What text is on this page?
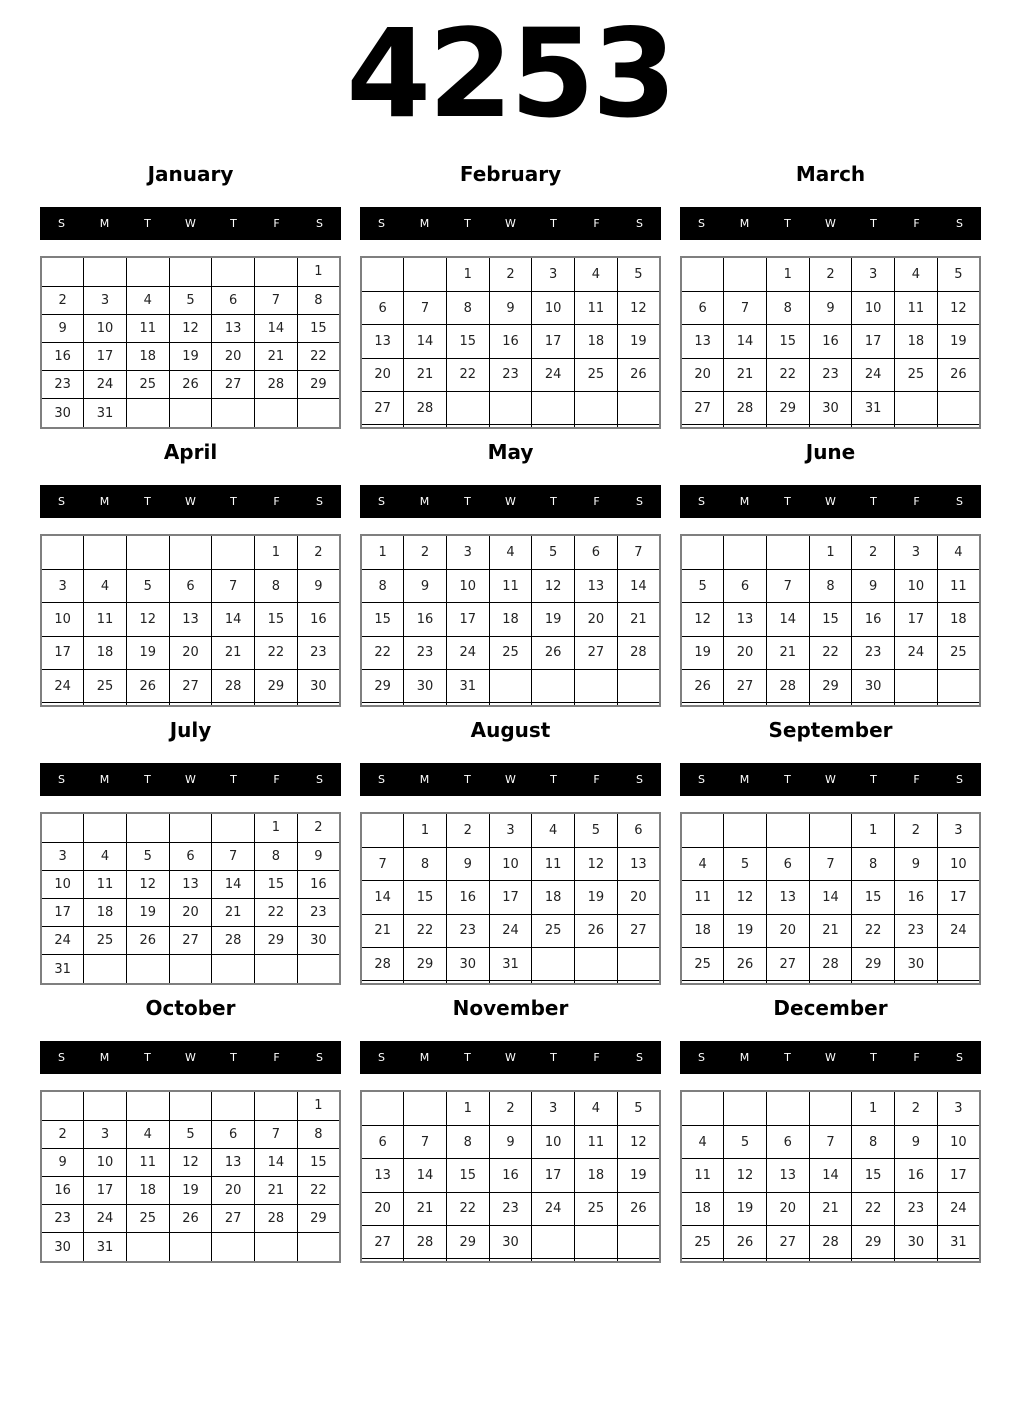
4253
January
S	M	T	W	T	F	S
						1
2	3	4	5	6	7	8
9	10	11	12	13	14	15
16	17	18	19	20	21	22
23	24	25	26	27	28	29
30	31					
February
S	M	T	W	T	F	S
		1	2	3	4	5
6	7	8	9	10	11	12
13	14	15	16	17	18	19
20	21	22	23	24	25	26
27	28					

March
S	M	T	W	T	F	S
		1	2	3	4	5
6	7	8	9	10	11	12
13	14	15	16	17	18	19
20	21	22	23	24	25	26
27	28	29	30	31		

April
S	M	T	W	T	F	S
					1	2
3	4	5	6	7	8	9
10	11	12	13	14	15	16
17	18	19	20	21	22	23
24	25	26	27	28	29	30

May
S	M	T	W	T	F	S
1	2	3	4	5	6	7
8	9	10	11	12	13	14
15	16	17	18	19	20	21
22	23	24	25	26	27	28
29	30	31				

June
S	M	T	W	T	F	S
			1	2	3	4
5	6	7	8	9	10	11
12	13	14	15	16	17	18
19	20	21	22	23	24	25
26	27	28	29	30		

July
S	M	T	W	T	F	S
					1	2
3	4	5	6	7	8	9
10	11	12	13	14	15	16
17	18	19	20	21	22	23
24	25	26	27	28	29	30
31						
August
S	M	T	W	T	F	S
	1	2	3	4	5	6
7	8	9	10	11	12	13
14	15	16	17	18	19	20
21	22	23	24	25	26	27
28	29	30	31			

September
S	M	T	W	T	F	S
				1	2	3
4	5	6	7	8	9	10
11	12	13	14	15	16	17
18	19	20	21	22	23	24
25	26	27	28	29	30	

October
S	M	T	W	T	F	S
						1
2	3	4	5	6	7	8
9	10	11	12	13	14	15
16	17	18	19	20	21	22
23	24	25	26	27	28	29
30	31					
November
S	M	T	W	T	F	S
		1	2	3	4	5
6	7	8	9	10	11	12
13	14	15	16	17	18	19
20	21	22	23	24	25	26
27	28	29	30			

December
S	M	T	W	T	F	S
				1	2	3
4	5	6	7	8	9	10
11	12	13	14	15	16	17
18	19	20	21	22	23	24
25	26	27	28	29	30	31
